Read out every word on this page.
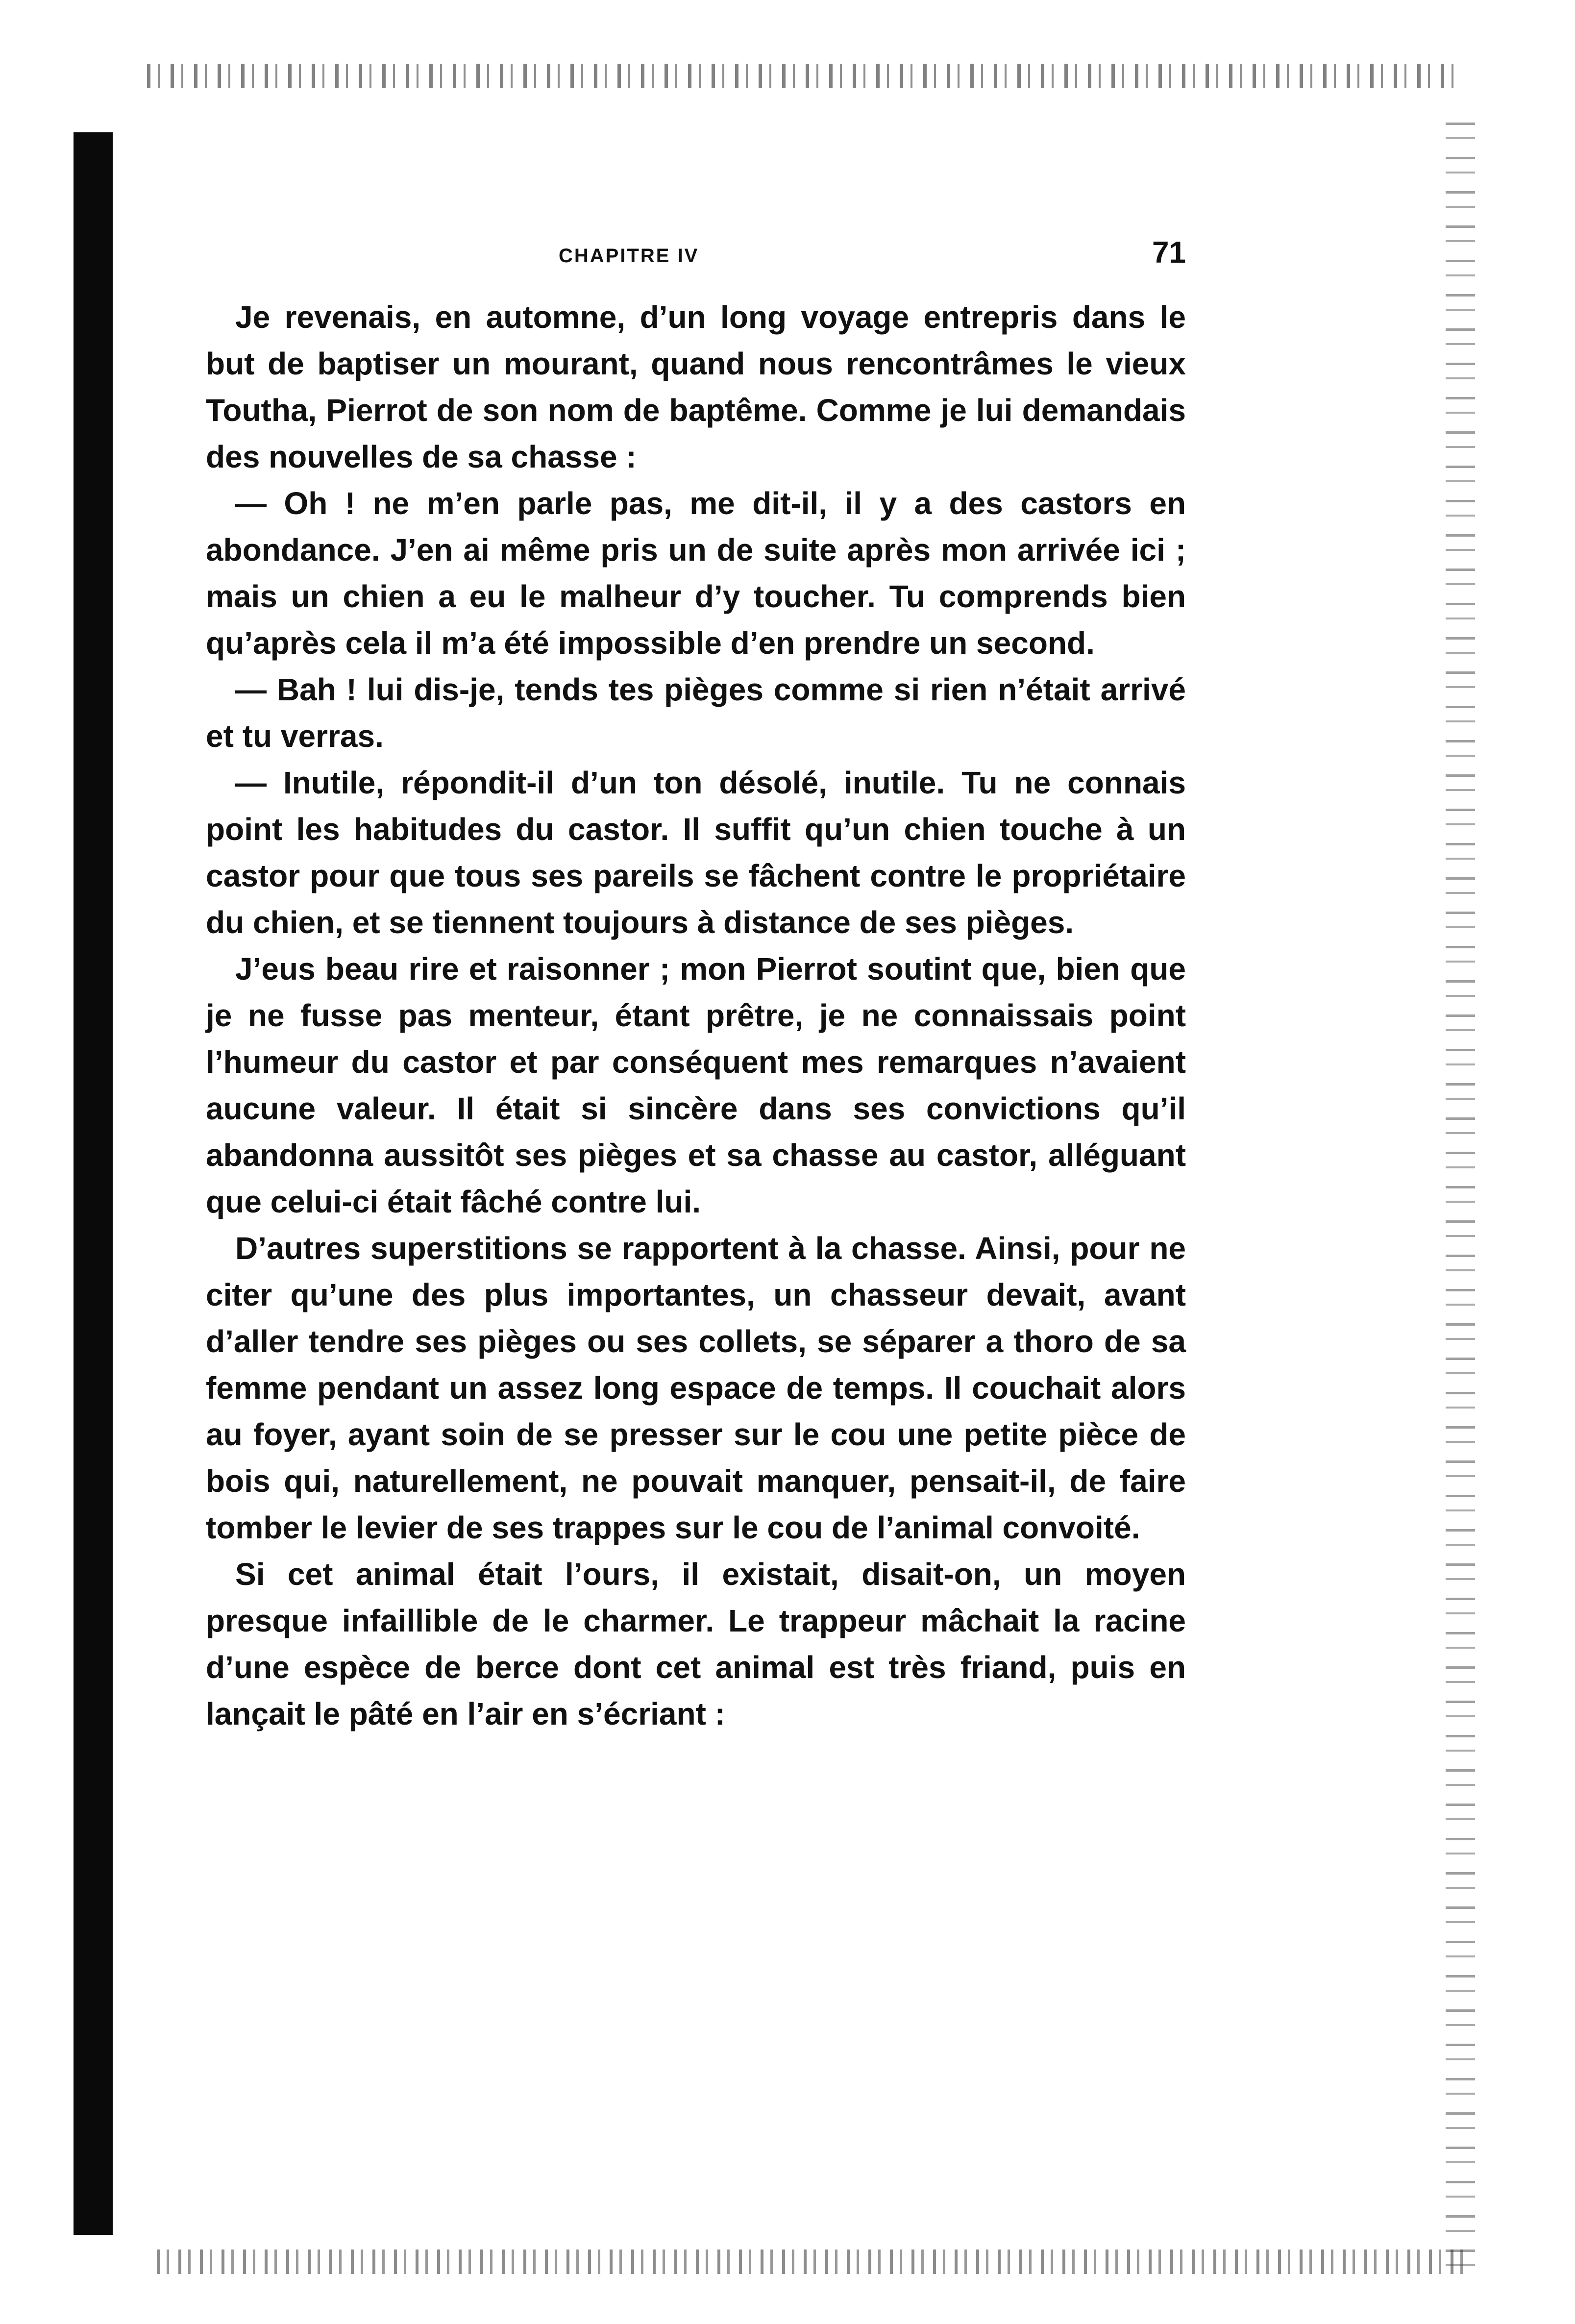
CHAPITRE IV	71

Je revenais, en automne, d’un long voyage entrepris dans le but de baptiser un mourant, quand nous rencontrâmes le vieux Toutha, Pierrot de son nom de baptême. Comme je lui demandais des nouvelles de sa chasse :

— Oh ! ne m’en parle pas, me dit-il, il y a des castors en abondance. J’en ai même pris un de suite après mon arrivée ici ; mais un chien a eu le malheur d’y toucher. Tu comprends bien qu’après cela il m’a été impossible d’en prendre un second.

— Bah ! lui dis-je, tends tes pièges comme si rien n’était arrivé et tu verras.

— Inutile, répondit-il d’un ton désolé, inutile. Tu ne connais point les habitudes du castor. Il suffit qu’un chien touche à un castor pour que tous ses pareils se fâchent contre le propriétaire du chien, et se tiennent toujours à distance de ses pièges.

J’eus beau rire et raisonner ; mon Pierrot soutint que, bien que je ne fusse pas menteur, étant prêtre, je ne connaissais point l’humeur du castor et par conséquent mes remarques n’avaient aucune valeur. Il était si sincère dans ses convictions qu’il abandonna aussitôt ses pièges et sa chasse au castor, alléguant que celui-ci était fâché contre lui.

D’autres superstitions se rapportent à la chasse. Ainsi, pour ne citer qu’une des plus importantes, un chasseur devait, avant d’aller tendre ses pièges ou ses collets, se séparer a thoro de sa femme pendant un assez long espace de temps. Il couchait alors au foyer, ayant soin de se presser sur le cou une petite pièce de bois qui, naturellement, ne pouvait manquer, pensait-il, de faire tomber le levier de ses trappes sur le cou de l’animal convoité.

Si cet animal était l’ours, il existait, disait-on, un moyen presque infaillible de le charmer. Le trappeur mâchait la racine d’une espèce de berce dont cet animal est très friand, puis en lançait le pâté en l’air en s’écriant :
